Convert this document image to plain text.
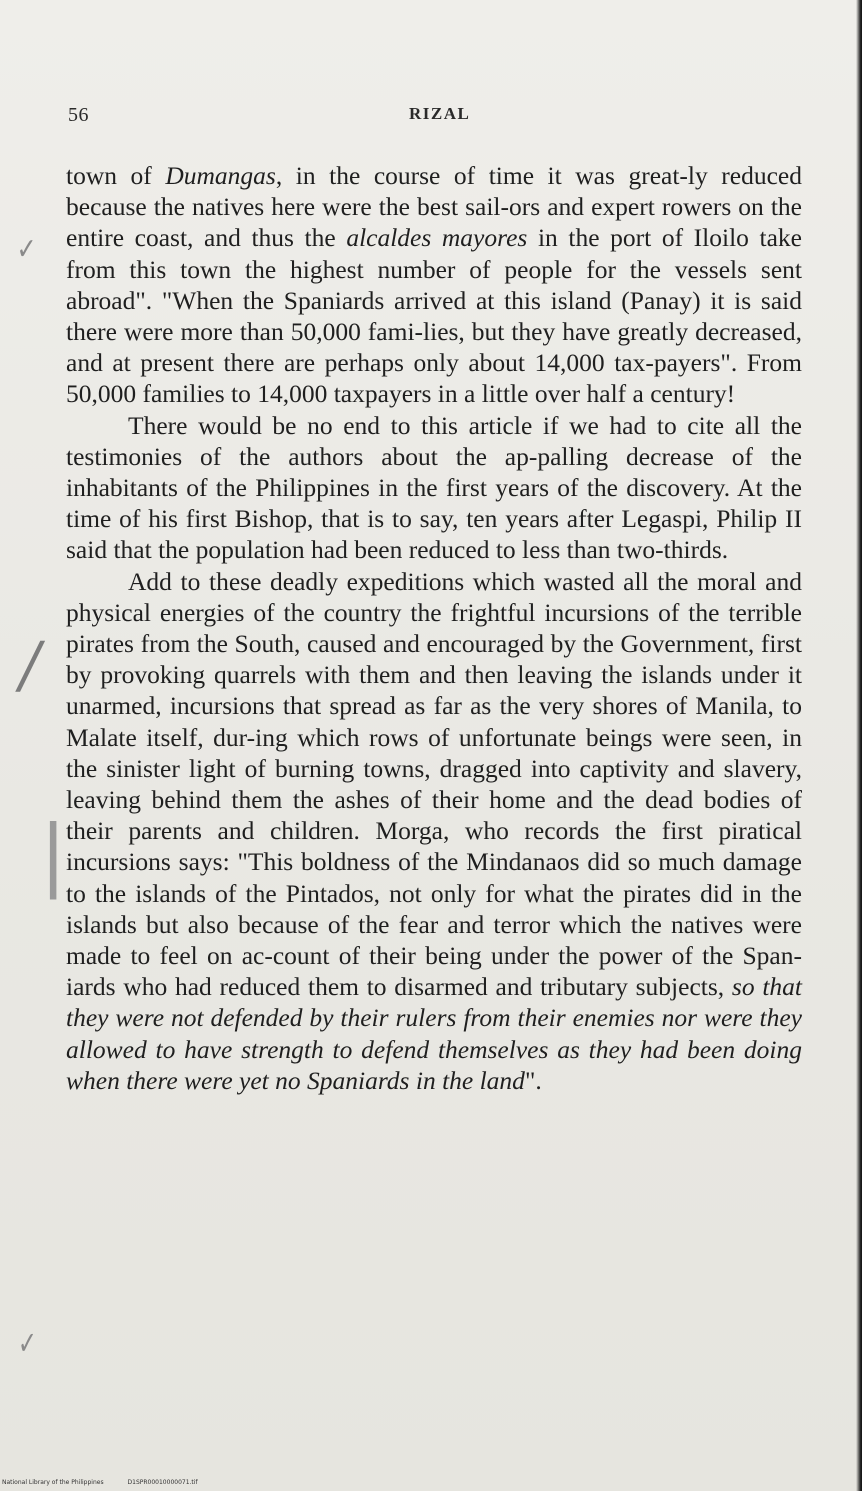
56	RIZAL
✓
/
|
✓

town of Dumangas, in the course of time it was great-ly reduced because the natives here were the best sail-ors and expert rowers on the entire coast, and thus the alcaldes mayores in the port of Iloilo take from this town the highest number of people for the vessels sent abroad". "When the Spaniards arrived at this island (Panay) it is said there were more than 50,000 fami-lies, but they have greatly decreased, and at present there are perhaps only about 14,000 tax-payers". From 50,000 families to 14,000 taxpayers in a little over half a century!

There would be no end to this article if we had to cite all the testimonies of the authors about the ap-palling decrease of the inhabitants of the Philippines in the first years of the discovery. At the time of his first Bishop, that is to say, ten years after Legaspi, Philip II said that the population had been reduced to less than two-thirds.

Add to these deadly expeditions which wasted all the moral and physical energies of the country the frightful incursions of the terrible pirates from the South, caused and encouraged by the Government, first by provoking quarrels with them and then leaving the islands under it unarmed, incursions that spread as far as the very shores of Manila, to Malate itself, dur-ing which rows of unfortunate beings were seen, in the sinister light of burning towns, dragged into captivity and slavery, leaving behind them the ashes of their home and the dead bodies of their parents and children. Morga, who records the first piratical incursions says: "This boldness of the Mindanaos did so much damage to the islands of the Pintados, not only for what the pirates did in the islands but also because of the fear and terror which the natives were made to feel on ac-count of their being under the power of the Span-iards who had reduced them to disarmed and tributary subjects, so that they were not defended by their rulers from their enemies nor were they allowed to have strength to defend themselves as they had been doing when there were yet no Spaniards in the land".

National Library of the Philippines	D1SPR00010000071.tif
